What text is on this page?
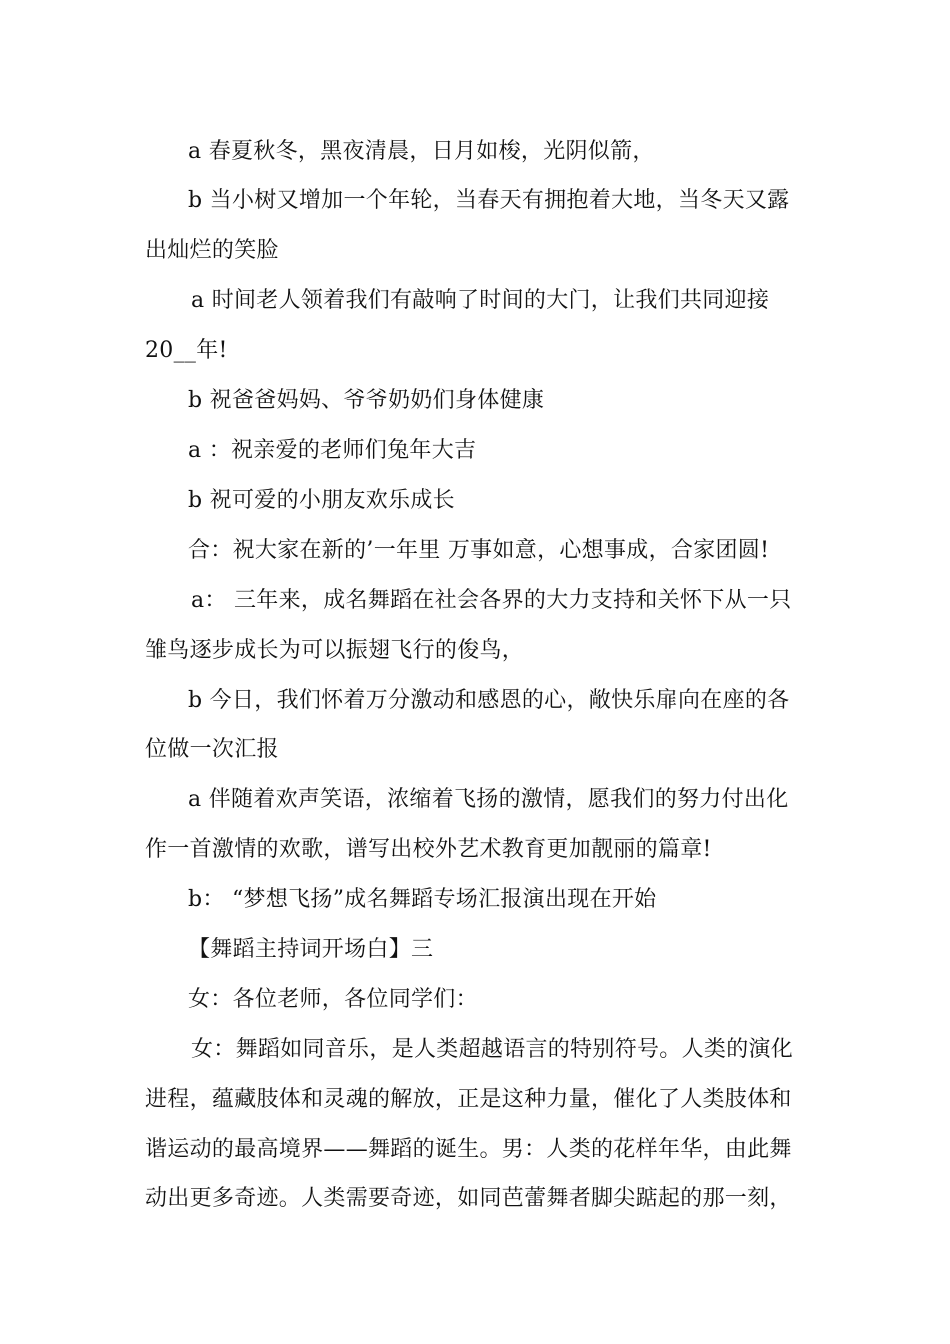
a 春夏秋冬，黑夜清晨，日月如梭，光阴似箭，
b 当小树又增加一个年轮，当春天有拥抱着大地，当冬天又露
出灿烂的笑脸
a 时间老人领着我们有敲响了时间的大门，让我们共同迎接
20__年!
b 祝爸爸妈妈、爷爷奶奶们身体健康
a ：祝亲爱的老师们兔年大吉
b 祝可爱的小朋友欢乐成长
合：祝大家在新的’一年里 万事如意，心想事成，合家团圆!
a： 三年来，成名舞蹈在社会各界的大力支持和关怀下从一只
雏鸟逐步成长为可以振翅飞行的俊鸟，
b 今日，我们怀着万分激动和感恩的心，敞快乐扉向在座的各
位做一次汇报
a 伴随着欢声笑语，浓缩着飞扬的激情，愿我们的努力付出化
作一首激情的欢歌，谱写出校外艺术教育更加靓丽的篇章!
b： “梦想飞扬”成名舞蹈专场汇报演出现在开始
【舞蹈主持词开场白】三
女：各位老师，各位同学们：
女：舞蹈如同音乐，是人类超越语言的特别符号。人类的演化
进程，蕴藏肢体和灵魂的解放，正是这种力量，催化了人类肢体和
谐运动的最高境界——舞蹈的诞生。男：人类的花样年华，由此舞
动出更多奇迹。人类需要奇迹，如同芭蕾舞者脚尖踮起的那一刻，
